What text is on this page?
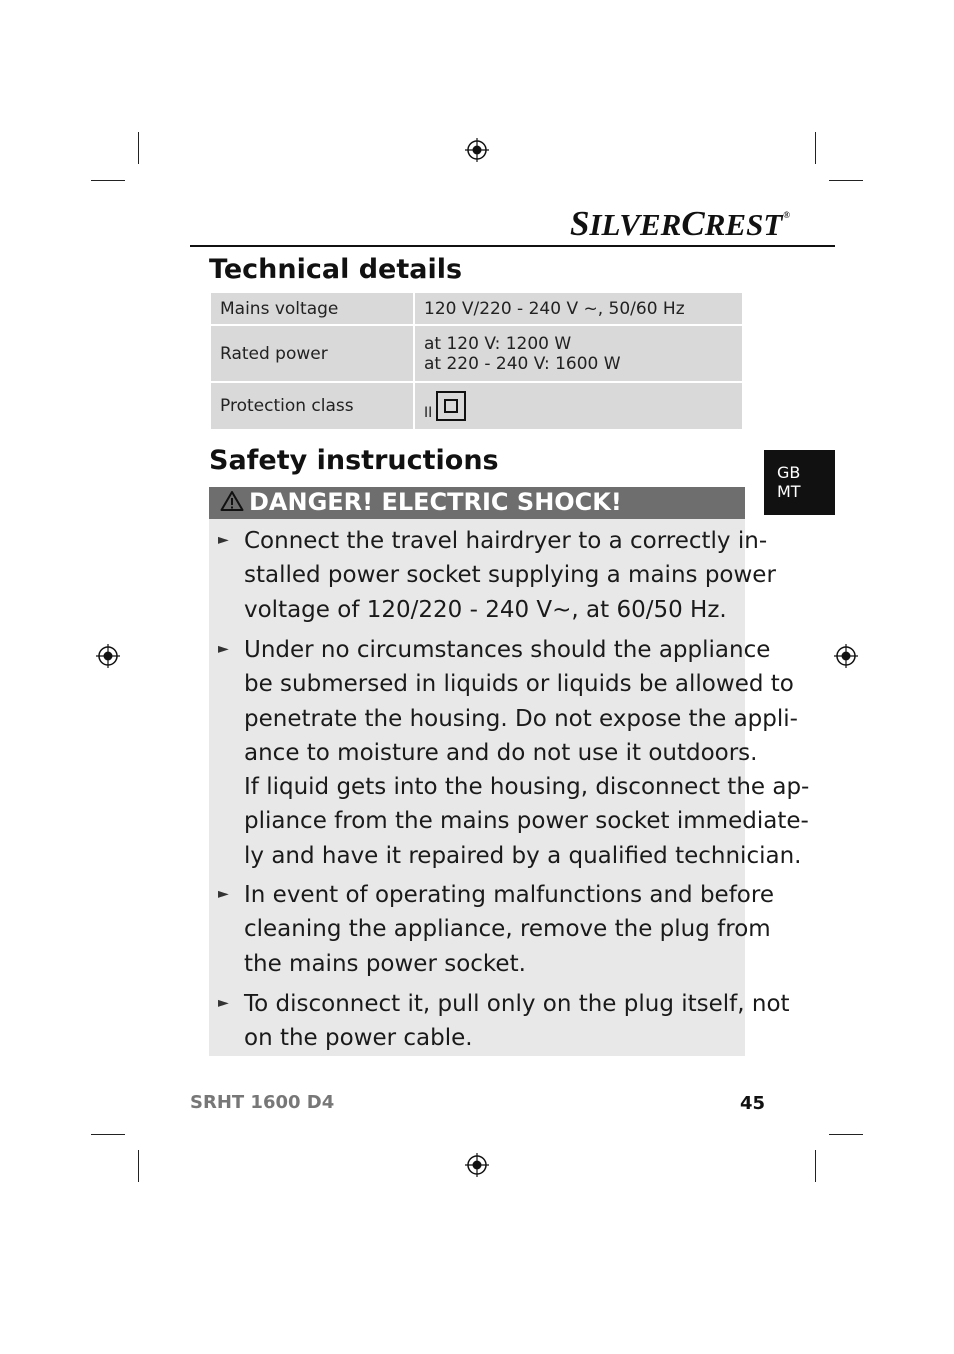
SILVERCREST®
Technical details
Mains voltage	120 V/220 - 240 V ~, 50/60 Hz
Rated power	at 120 V: 1200 W
at 220 - 240 V: 1600 W

Protection class	$_{II}$
Safety instructions
DANGER! ELECTRIC SHOCK!
► Connect the travel hairdryer to a correctly in-
stalled power socket supplying a mains power
voltage of 120/220 - 240 V~, at 60/50 Hz.
► Under no circumstances should the appliance
be submersed in liquids or liquids be allowed to
penetrate the housing. Do not expose the appli-
ance to moisture and do not use it outdoors.
If liquid gets into the housing, disconnect the ap-
pliance from the mains power socket immediate-
ly and have it repaired by a qualified technician.
► In event of operating malfunctions and before
cleaning the appliance, remove the plug from
the mains power socket.
► To disconnect it, pull only on the plug itself, not
on the power cable.
GB
MT
SRHT 1600 D4	45
